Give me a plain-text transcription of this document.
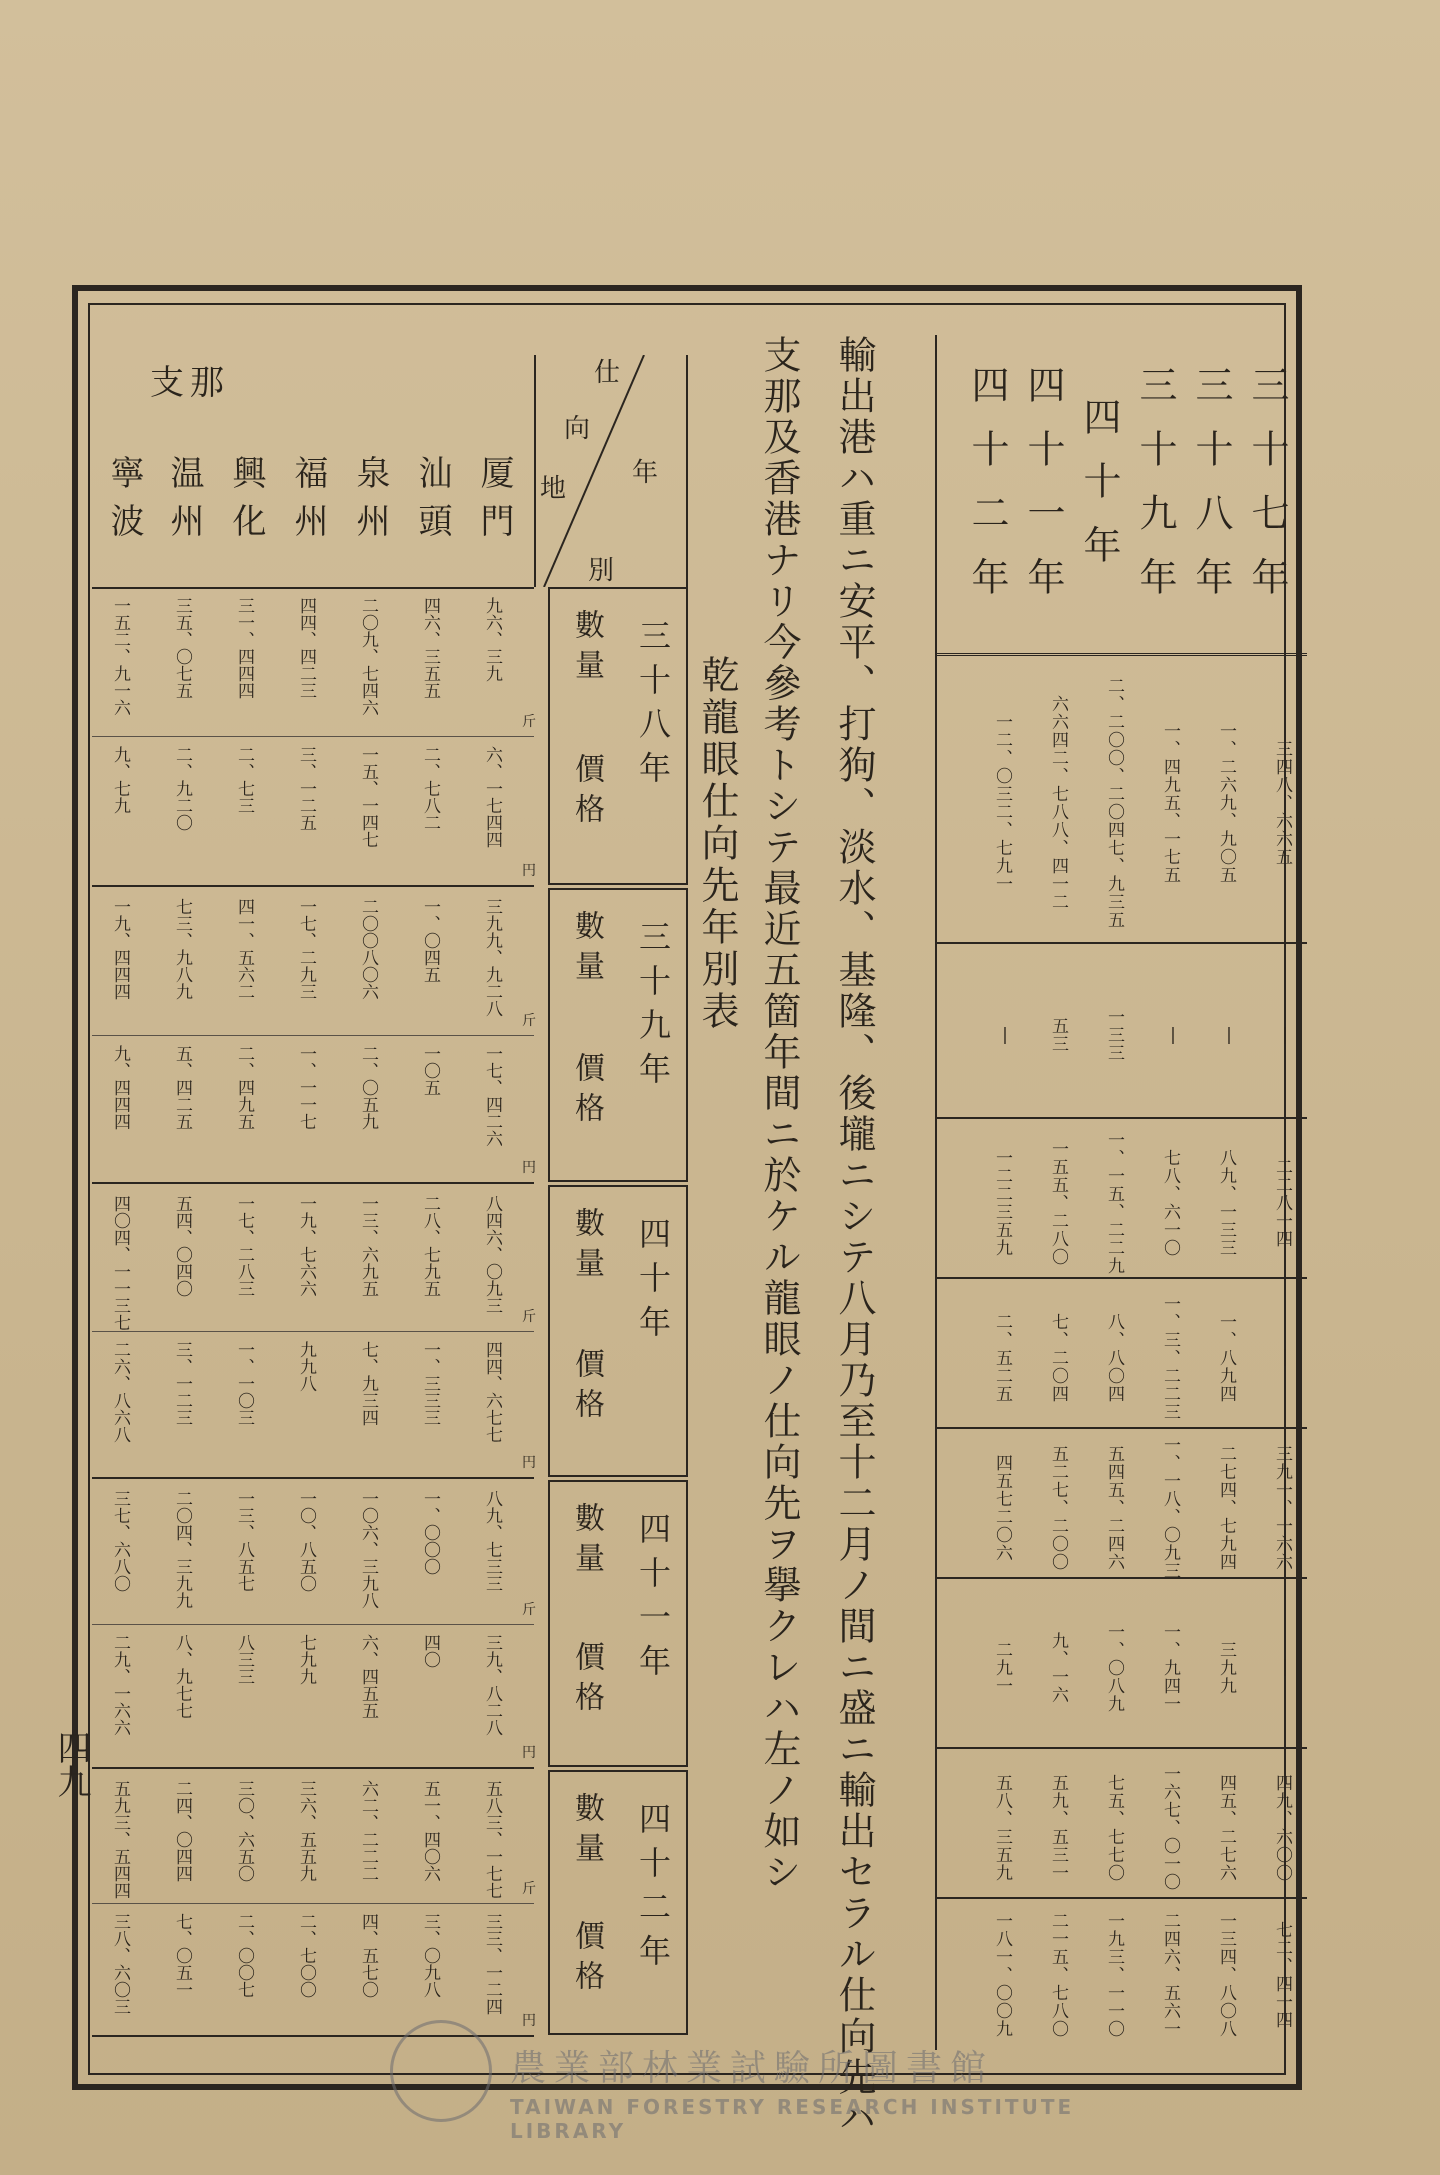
四九
三十七年
三十八年
三十九年
四十年
四十一年
四十二年
三四八、六六五
一、二六九、九〇五
一、四九五、一七五
二、二〇〇、二〇四七、九三五
六六四二、七八八、四一二
一二、〇三二、七九一
|
|
|
一三三
五三
|
二二八一四
八九、一三三
七八、六一〇
一、一五、二二九
一五五、二八〇
一二二三五九
|
一、八九四
一、三、二二三
八、八〇四
七、二〇四
二、五二五
三九一、一六六
二七四、七九四
一、一八、〇九三
五四五、二四六
五二七、二〇〇
四五七二〇六
|
三九九
一、九四一
一、〇八九
九、一六
二九一
四九、六〇〇
四五、二七六
一六七、〇一〇
七五、七七〇
五九、五三一
五八、三五九
七二、四一四
一三四、八〇八
二四六、五六一
一九三、一一〇
二一五、七八〇
一八一、〇〇九
輸出港ハ重ニ安平、打狗、淡水、基隆、後壠ニシテ八月乃至十二月ノ間ニ盛ニ輸出セラル仕向先ハ
支那及香港ナリ今參考トシテ最近五箇年間ニ於ケル龍眼ノ仕向先ヲ擧クレハ左ノ如シ
乾龍眼仕向先年別表
支那
厦門
汕頭
泉州
福州
興化
温州
寧波	年
別
仕
向
地
三十八年
數量
價格
九六、三九
四六、三五五
二〇九、七四六
四四、四二三
三一、四四四
三五、〇七五
一五二、九一六
六、一七四四
二、七八二
一五、一四七
三、一二五
二、七三
二、九二〇
九、七九
斤
円
三十九年
數量
價格
三九九、九二八
一、〇四五
二〇〇八〇六
一七、二九三
四一、五六二
七三、九八九
一九、四四四
一七、四二六
一〇五
二、〇五九
一、一一七
二、四九五
五、四二五
九、四四四
斤
円
四十年
數量
價格
八四六、〇九三
二八、七九五
一三、六九五
一九、七六六
一七、二八三
五四、〇四〇
四〇四、一一三七
四四、六七七
一、三三三
七、九三四
九九八
一、一〇三
三、一二三
二六、八六八
斤
円
四十一年
數量
價格
八九、七三三
一、〇〇〇
一〇六、三九八
一〇、八五〇
一三、八五七
二〇四、三九九
三七、六八〇
三九、八二八
四〇
六、四五五
七九九
八三三
八、九七七
二九、一六六
斤
円
四十二年
數量
價格
五八三、一七七
五一、四〇六
六二、二二二
三六、五五九
三〇、六五〇
二四、〇四四
五九三、五四四
三三、一二四
三、〇九八
四、五七〇
二、七〇〇
二、〇〇七
七、〇五一
三八、六〇三
斤
円
農業部林業試驗所圖書館
TAIWAN FORESTRY RESEARCH INSTITUTE LIBRARY
